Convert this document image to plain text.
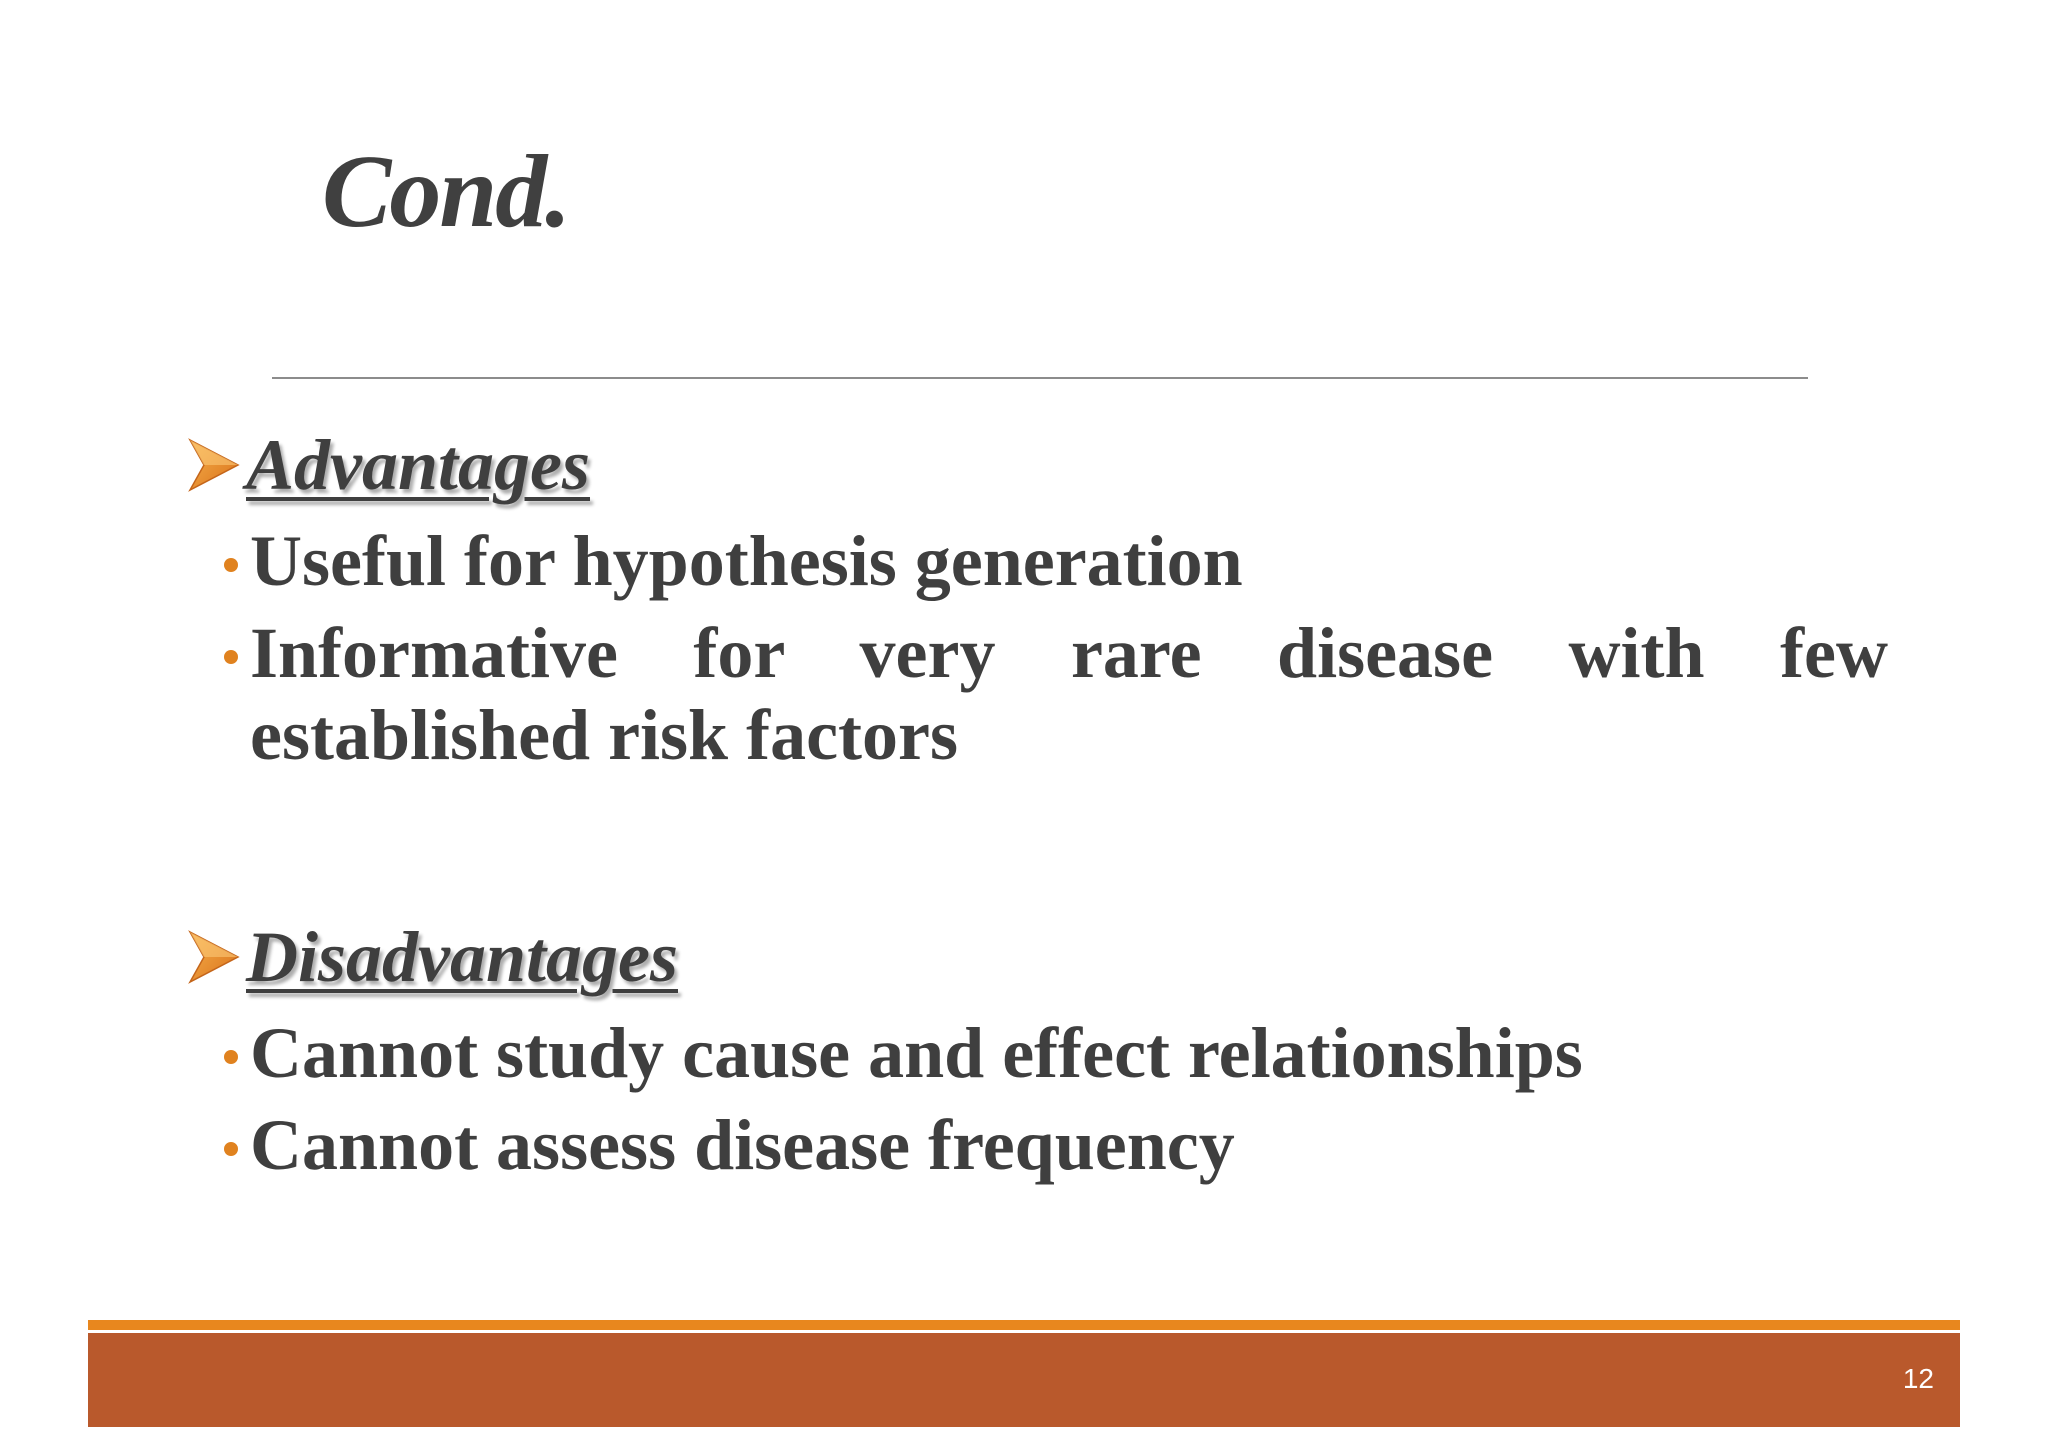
Cond.
Advantages
Useful for hypothesis generation
Informative for very rare disease with few established risk factors
Disadvantages
Cannot study cause and effect relationships
Cannot assess disease frequency
12
